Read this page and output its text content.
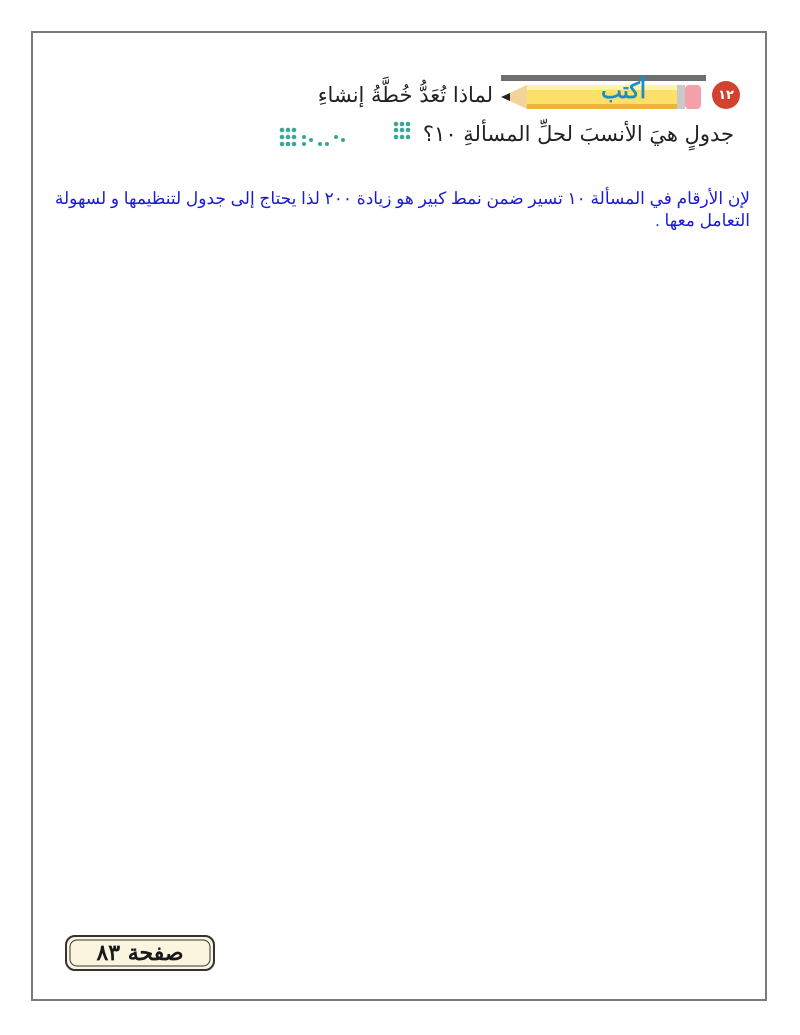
١٢
أكتب
لماذا تُعَدُّ خُطَّةُ إنشاءِ
جدولٍ هيَ الأنسبَ لحلِّ المسألةِ ١٠؟
لإن الأرقام في المسألة ١٠ تسير ضمن نمط كبير هو زيادة ٢٠٠ لذا يحتاج إلى جدول لتنظيمها و لسهولة التعامل معها .
صفحة ٨٣
